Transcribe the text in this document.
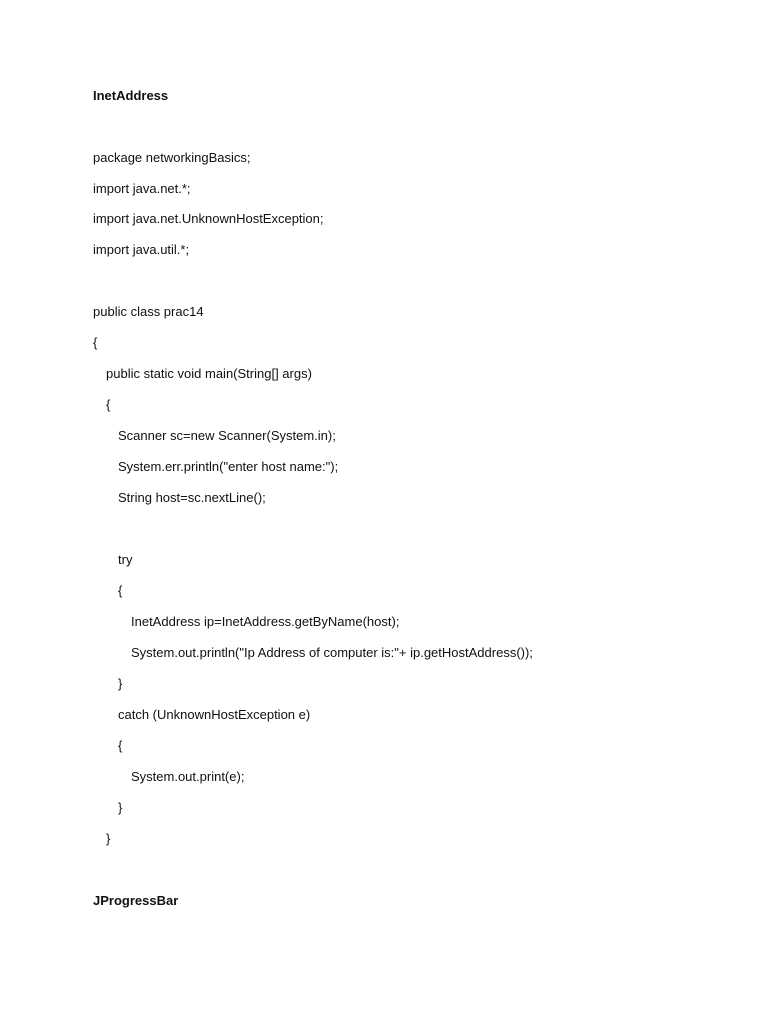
InetAddress
package networkingBasics;
import java.net.*;
import java.net.UnknownHostException;
import java.util.*;
public class prac14
{
public static void main(String[] args)
{
Scanner sc=new Scanner(System.in);
System.err.println("enter host name:");
String host=sc.nextLine();
try
{
InetAddress ip=InetAddress.getByName(host);
System.out.println("Ip Address of computer is:"+ ip.getHostAddress());
}
catch (UnknownHostException e)
{
System.out.print(e);
}
}
JProgressBar
